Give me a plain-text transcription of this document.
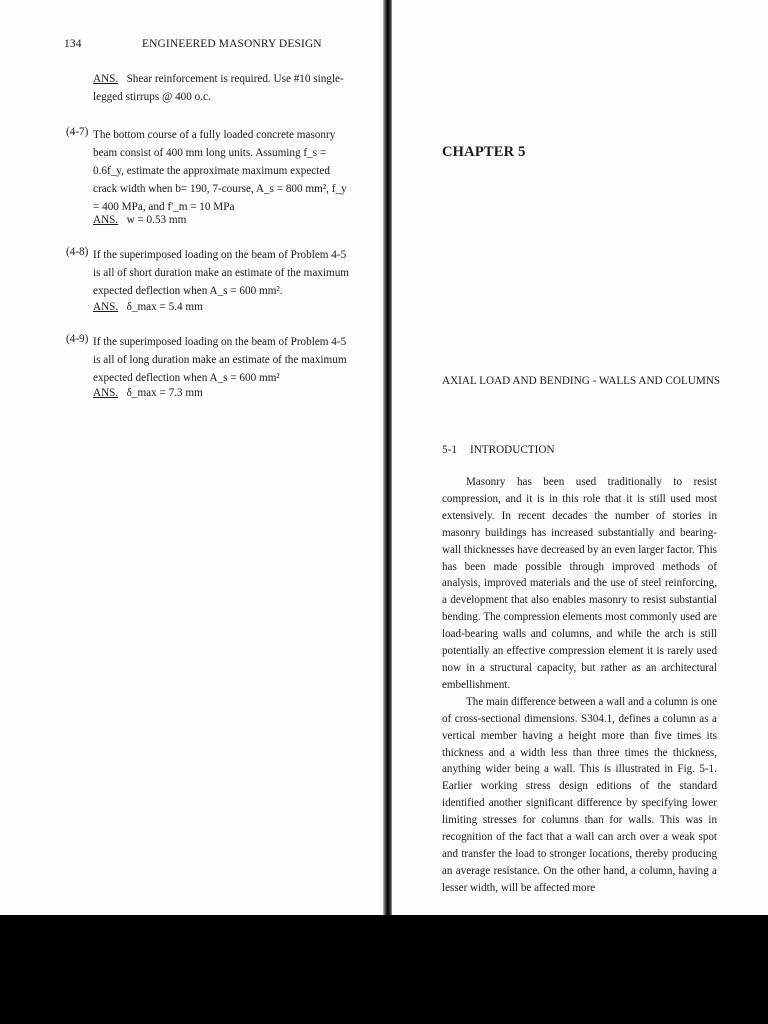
134	ENGINEERED MASONRY DESIGN
ANS. Shear reinforcement is required. Use #10 single-legged stirrups @ 400 o.c.
(4-7) The bottom course of a fully loaded concrete masonry beam consist of 400 mm long units. Assuming f_s = 0.6f_y, estimate the approximate maximum expected crack width when b= 190, 7-course, A_s = 800 mm², f_y = 400 MPa, and f'_m = 10 MPa
ANS. w = 0.53 mm
(4-8) If the superimposed loading on the beam of Problem 4-5 is all of short duration make an estimate of the maximum expected deflection when A_s = 600 mm².
ANS. δ_max = 5.4 mm
(4-9) If the superimposed loading on the beam of Problem 4-5 is all of long duration make an estimate of the maximum expected deflection when A_s = 600 mm²
ANS. δ_max = 7.3 mm
CHAPTER 5
AXIAL LOAD AND BENDING - WALLS AND COLUMNS
5-1 INTRODUCTION

Masonry has been used traditionally to resist compression, and it is in this role that it is still used most extensively. In recent decades the number of stories in masonry buildings has increased substantially and bearing-wall thicknesses have decreased by an even larger factor. This has been made possible through improved methods of analysis, improved materials and the use of steel reinforcing, a development that also enables masonry to resist substantial bending. The compression elements most commonly used are load-bearing walls and columns, and while the arch is still potentially an effective compression element it is rarely used now in a structural capacity, but rather as an architectural embellishment.

The main difference between a wall and a column is one of cross-sectional dimensions. S304.1, defines a column as a vertical member having a height more than five times its thickness and a width less than three times the thickness, anything wider being a wall. This is illustrated in Fig. 5-1. Earlier working stress design editions of the standard identified another significant difference by specifying lower limiting stresses for columns than for walls. This was in recognition of the fact that a wall can arch over a weak spot and transfer the load to stronger locations, thereby producing an average resistance. On the other hand, a column, having a lesser width, will be affected more
